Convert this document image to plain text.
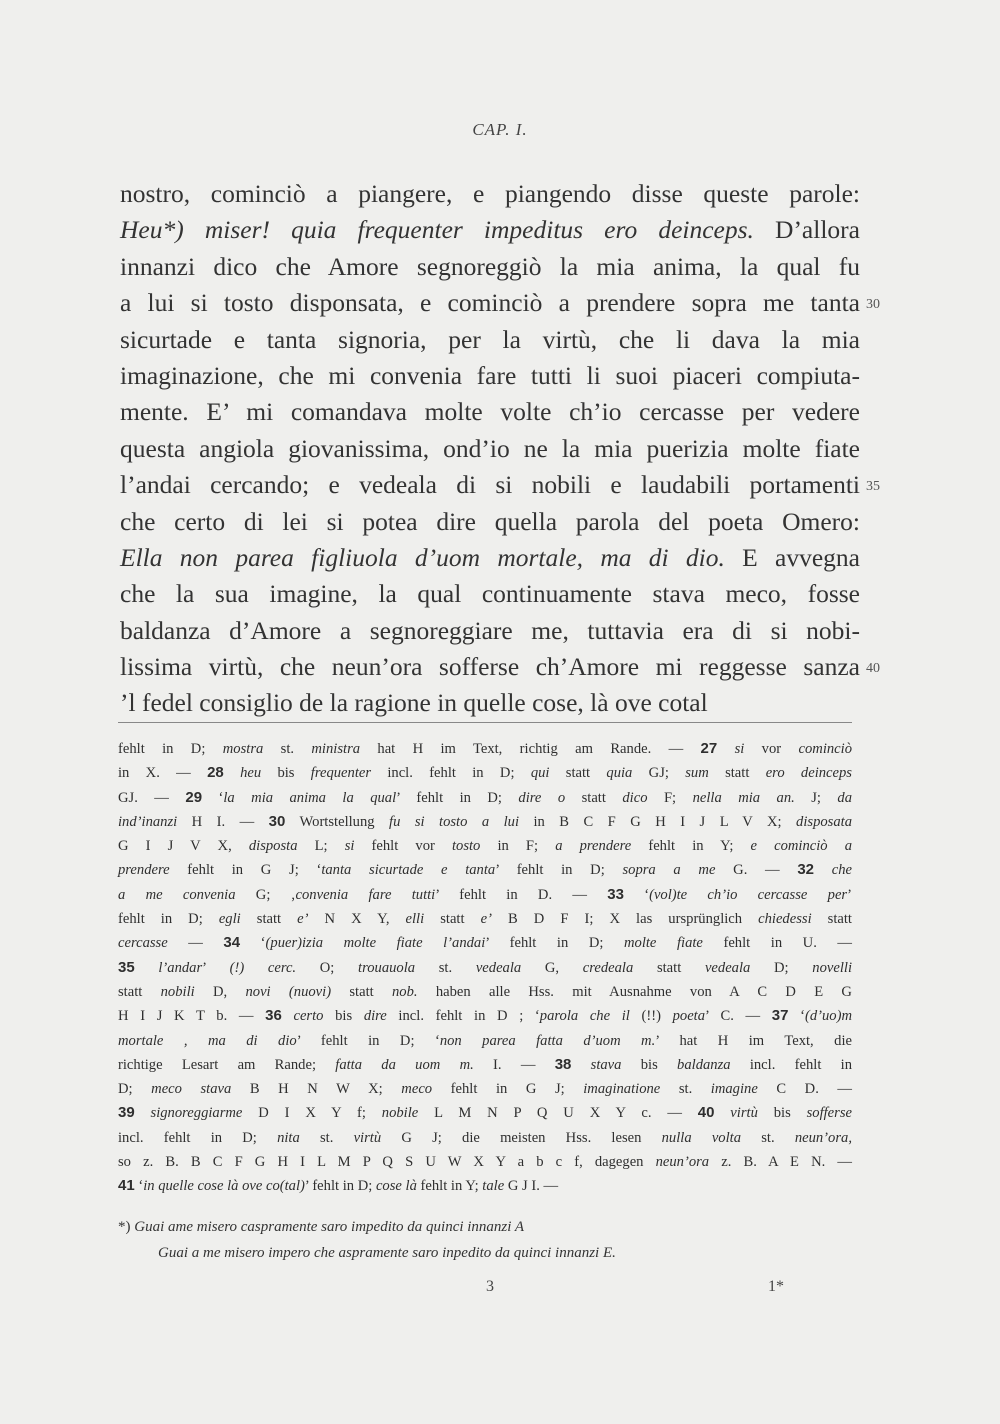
CAP. I.
nostro, cominciò a piangere, e piangendo disse queste parole:
Heu*) miser! quia frequenter impeditus ero deinceps. D’allora
innanzi dico che Amore segnoreggiò la mia anima, la qual fu
a lui si tosto disponsata, e cominciò a prendere sopra me tanta
sicurtade e tanta signoria, per la virtù, che li dava la mia
imaginazione, che mi convenia fare tutti li suoi piaceri compiuta-
mente. E’ mi comandava molte volte ch’io cercasse per vedere
questa angiola giovanissima, ond’io ne la mia puerizia molte fiate
l’andai cercando; e vedeala di si nobili e laudabili portamenti
che certo di lei si potea dire quella parola del poeta Omero:
Ella non parea figliuola d’uom mortale, ma di dio. E avvegna
che la sua imagine, la qual continuamente stava meco, fosse
baldanza d’Amore a segnoreggiare me, tuttavia era di si nobi-
lissima virtù, che neun’ora sofferse ch’Amore mi reggesse sanza
’l fedel consiglio de la ragione in quelle cose, là ove cotal
30
35
40
fehlt in D; mostra st. ministra hat H im Text, richtig am Rande. — 27 si vor cominciò
in X. — 28 heu bis frequenter incl. fehlt in D; qui statt quia GJ; sum statt ero deinceps
GJ. — 29 ‘la mia anima la qual’ fehlt in D; dire o statt dico F; nella mia an. J; da
ind’inanzi H I. — 30 Wortstellung fu si tosto a lui in B C F G H I J L V X; disposata
G I J V X, disposta L; si fehlt vor tosto in F; a prendere fehlt in Y; e cominciò a
prendere fehlt in G J; ‘tanta sicurtade e tanta’ fehlt in D; sopra a me G. — 32 che
a me convenia G; ‚convenia fare tutti’ fehlt in D. — 33 ‘(vol)te ch’io cercasse per’
fehlt in D; egli statt e’ N X Y, elli statt e’ B D F I; X las ursprünglich chiedessi statt
cercasse — 34 ‘(puer)izia molte fiate l’andai’ fehlt in D; molte fiate fehlt in U. —
35 l’andar’ (!) cerc. O; trouauola st. vedeala G, credeala statt vedeala D; novelli
statt nobili D, novi (nuovi) statt nob. haben alle Hss. mit Ausnahme von A C D E G
H I J K T b. — 36 certo bis dire incl. fehlt in D ; ‘parola che il (!!) poeta’ C. — 37 ‘(d’uo)m
mortale , ma di dio’ fehlt in D; ‘non parea fatta d’uom m.’ hat H im Text, die
richtige Lesart am Rande; fatta da uom m. I. — 38 stava bis baldanza incl. fehlt in
D; meco stava B H N W X; meco fehlt in G J; imaginatione st. imagine C D. —
39 signoreggiarme D I X Y f; nobile L M N P Q U X Y c. — 40 virtù bis sofferse
incl. fehlt in D; nita st. virtù G J; die meisten Hss. lesen nulla volta st. neun’ora,
so z. B. B C F G H I L M P Q S U W X Y a b c f, dagegen neun’ora z. B. A E N. —
41 ‘in quelle cose là ove co(tal)’ fehlt in D; cose là fehlt in Y; tale G J I. —
*) Guai ame misero caspramente saro impedito da quinci innanzi A
Guai a me misero impero che aspramente saro inpedito da quinci innanzi E.
3	1*
